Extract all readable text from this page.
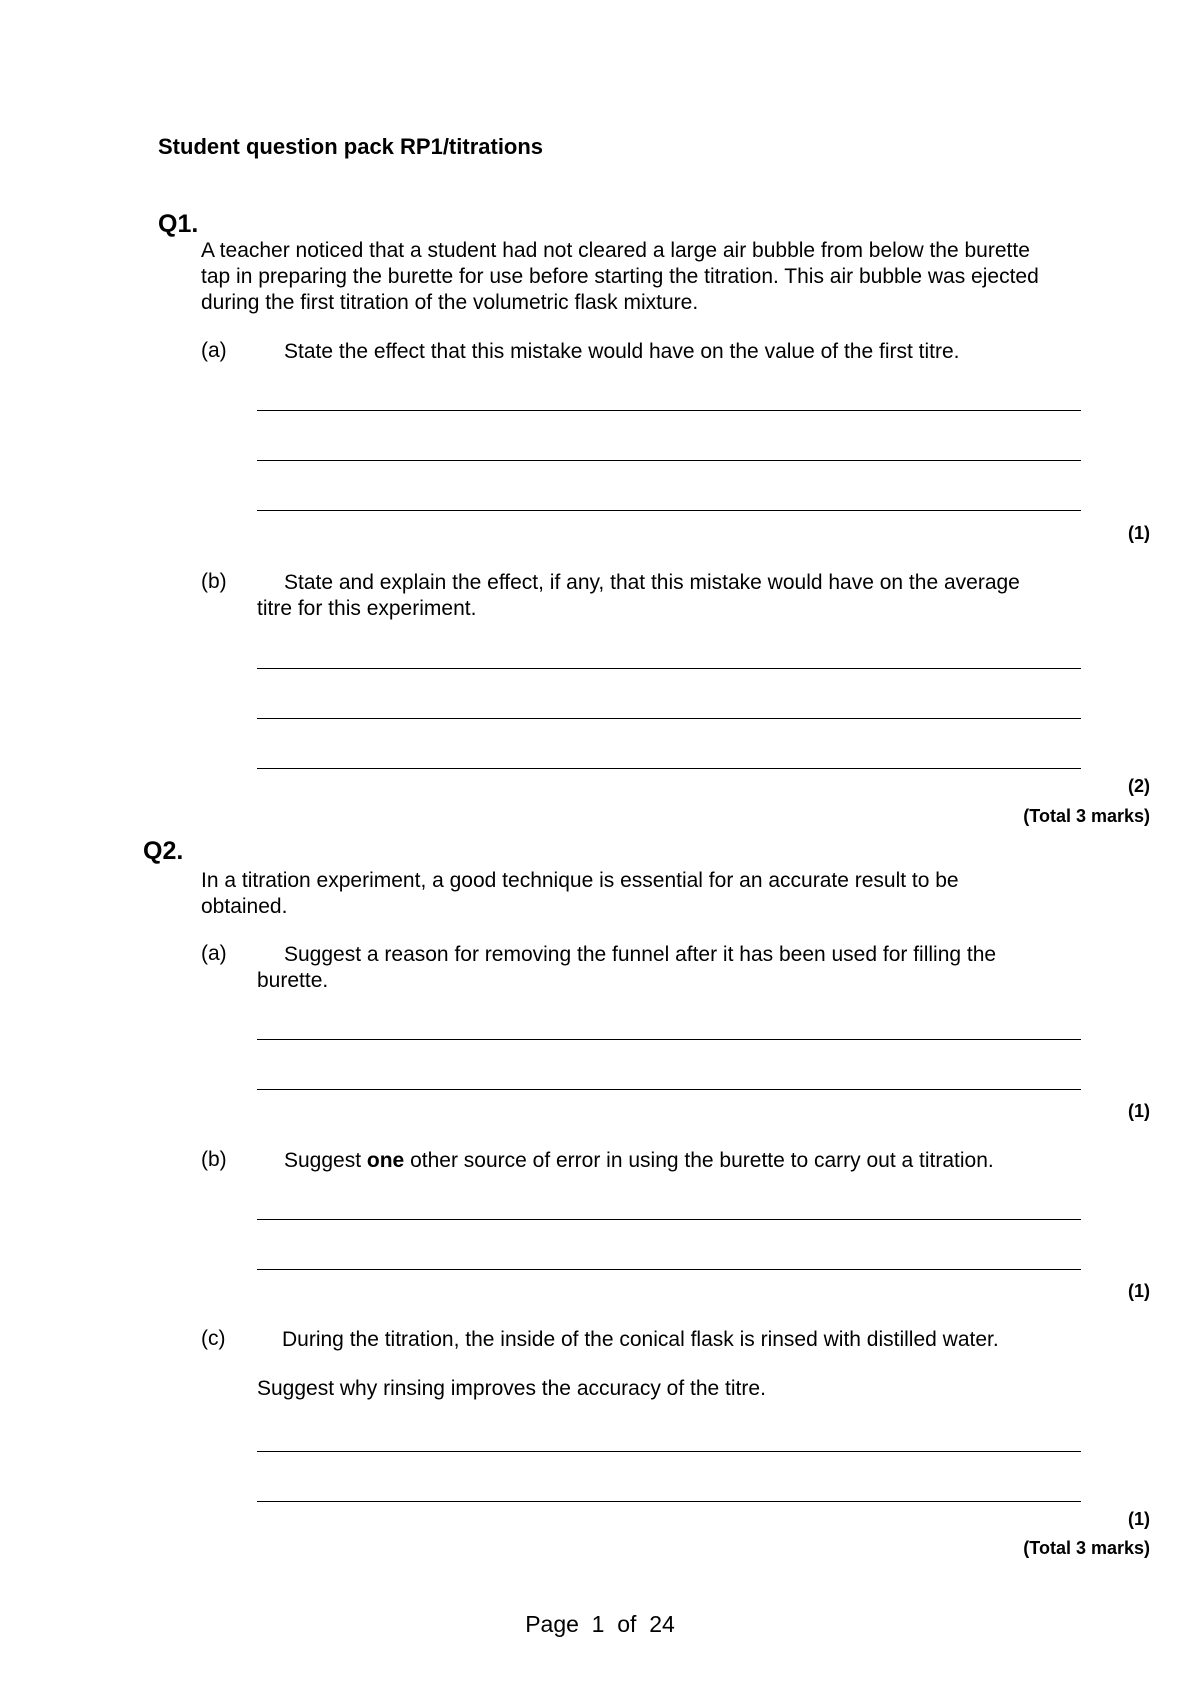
Student question pack RP1/titrations
Q1.
A teacher noticed that a student had not cleared a large air bubble from below the burette
tap in preparing the burette for use before starting the titration. This air bubble was ejected
during the first titration of the volumetric flask mixture.
(a)	State the effect that this mistake would have on the value of the first titre.
(1)
(b)	State and explain the effect, if any, that this mistake would have on the average
titre for this experiment.
(2)
(Total 3 marks)
Q2.
In a titration experiment, a good technique is essential for an accurate result to be
obtained.
(a)	Suggest a reason for removing the funnel after it has been used for filling the
burette.
(1)
(b)	Suggest one other source of error in using the burette to carry out a titration.
(1)
(c)	During the titration, the inside of the conical flask is rinsed with distilled water.
Suggest why rinsing improves the accuracy of the titre.
(1)
(Total 3 marks)
Page  1  of  24
